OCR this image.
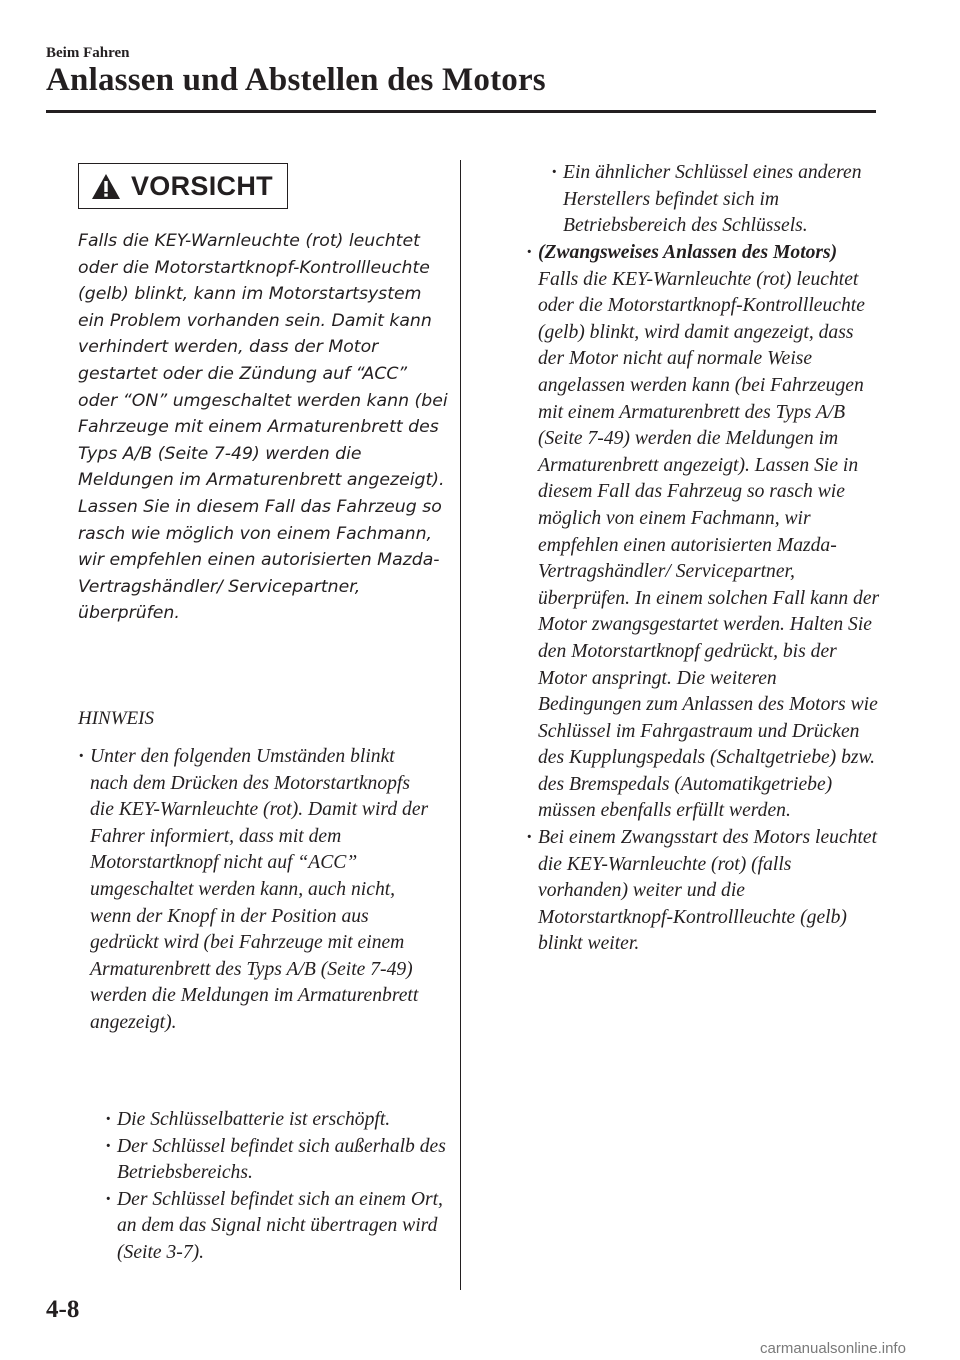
Beim Fahren
Anlassen und Abstellen des Motors
VORSICHT

Falls die KEY-Warnleuchte (rot) leuchtet oder die Motorstartknopf-Kontrollleuchte (gelb) blinkt, kann im Motorstartsystem ein Problem vorhanden sein. Damit kann verhindert werden, dass der Motor gestartet oder die Zündung auf “ACC” oder “ON” umgeschaltet werden kann (bei Fahrzeuge mit einem Armaturenbrett des Typs A/B (Seite 7-49) werden die Meldungen im Armaturenbrett angezeigt). Lassen Sie in diesem Fall das Fahrzeug so rasch wie möglich von einem Fachmann, wir empfehlen einen autorisierten Mazda-Vertragshändler/ Servicepartner, überprüfen.

HINWEIS
· Unter den folgenden Umständen blinkt nach dem Drücken des Motorstartknopfs die KEY-Warnleuchte (rot). Damit wird der Fahrer informiert, dass mit dem Motorstartknopf nicht auf “ACC” umgeschaltet werden kann, auch nicht, wenn der Knopf in der Position aus gedrückt wird (bei Fahrzeuge mit einem Armaturenbrett des Typs A/B (Seite 7-49) werden die Meldungen im Armaturenbrett angezeigt).
· Die Schlüsselbatterie ist erschöpft.
· Der Schlüssel befindet sich außerhalb des Betriebsbereichs.
· Der Schlüssel befindet sich an einem Ort, an dem das Signal nicht übertragen wird (Seite 3-7).
· Ein ähnlicher Schlüssel eines anderen Herstellers befindet sich im Betriebsbereich des Schlüssels.
· (Zwangsweises Anlassen des Motors)
Falls die KEY-Warnleuchte (rot) leuchtet oder die Motorstartknopf-Kontrollleuchte (gelb) blinkt, wird damit angezeigt, dass der Motor nicht auf normale Weise angelassen werden kann (bei Fahrzeugen mit einem Armaturenbrett des Typs A/B (Seite 7-49) werden die Meldungen im Armaturenbrett angezeigt). Lassen Sie in diesem Fall das Fahrzeug so rasch wie möglich von einem Fachmann, wir empfehlen einen autorisierten Mazda-Vertragshändler/ Servicepartner, überprüfen. In einem solchen Fall kann der Motor zwangsgestartet werden. Halten Sie den Motorstartknopf gedrückt, bis der Motor anspringt. Die weiteren Bedingungen zum Anlassen des Motors wie Schlüssel im Fahrgastraum und Drücken des Kupplungspedals (Schaltgetriebe) bzw. des Bremspedals (Automatikgetriebe) müssen ebenfalls erfüllt werden.
· Bei einem Zwangsstart des Motors leuchtet die KEY-Warnleuchte (rot) (falls vorhanden) weiter und die Motorstartknopf-Kontrollleuchte (gelb) blinkt weiter.
4-8
carmanualsonline.info
